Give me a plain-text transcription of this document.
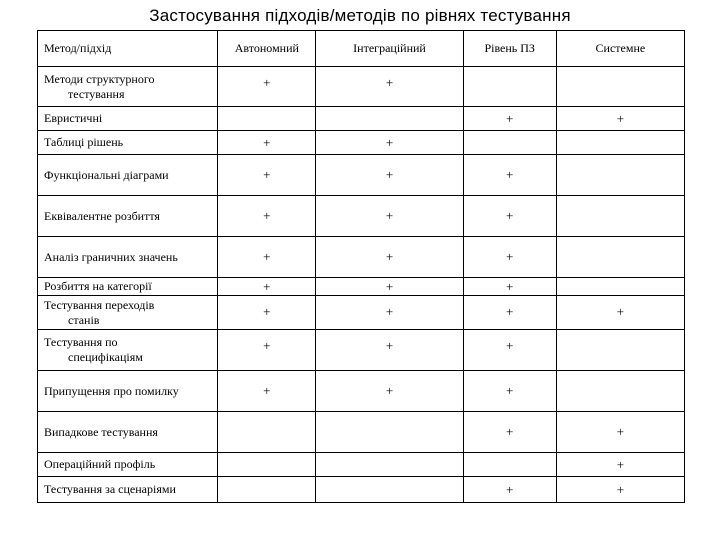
Застосування підходів/методів по рівнях тестування
Метод/підхід	Автономний	Інтеграційний	Рівень ПЗ	Системне
Методи структурного
тестування	+	+		
Евристичні			+	+
Таблиці рішень	+	+		
Функціональні діаграми	+	+	+	
Еквівалентне розбиття	+	+	+	
Аналіз граничних значень	+	+	+	
Розбиття на категорії	+	+	+	
Тестування переходів
станів	+	+	+	+
Тестування по
специфікаціям	+	+	+	
Припущення про помилку	+	+	+	
Випадкове тестування			+	+
Операційний профіль				+
Тестування за сценаріями			+	+
